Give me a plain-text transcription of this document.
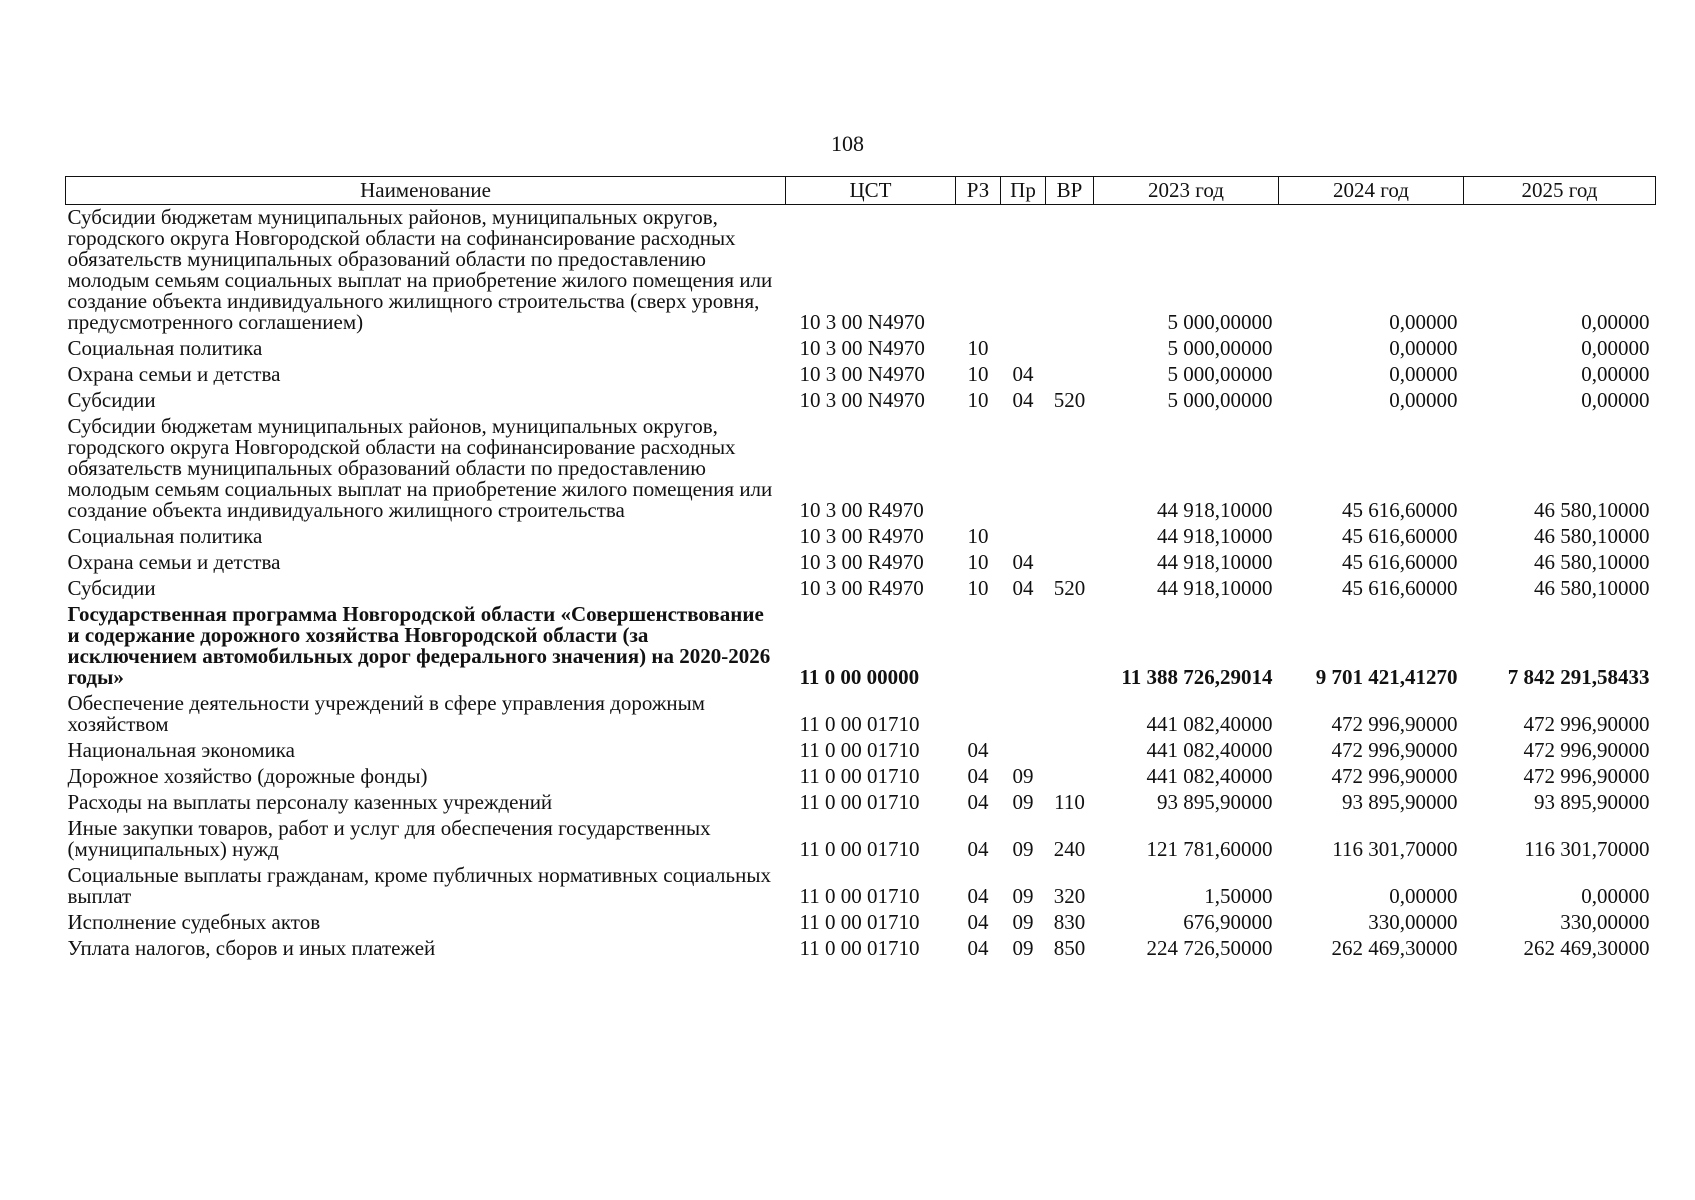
108
Наименование	ЦСТ	РЗ	Пр	ВР	2023 год	2024 год	2025 год
Субсидии бюджетам муниципальных районов, муниципальных округов, городского округа Новгородской области на софинансирование расходных обязательств муниципальных образований области по предоставлению молодым семьям социальных выплат на приобретение жилого помещения или создание объекта индивидуального жилищного строительства (сверх уровня, предусмотренного соглашением)	10 3 00 N4970				5 000,00000	0,00000	0,00000
Социальная политика	10 3 00 N4970	10			5 000,00000	0,00000	0,00000
Охрана семьи и детства	10 3 00 N4970	10	04		5 000,00000	0,00000	0,00000
Субсидии	10 3 00 N4970	10	04	520	5 000,00000	0,00000	0,00000
Субсидии бюджетам муниципальных районов, муниципальных округов, городского округа Новгородской области на софинансирование расходных обязательств муниципальных образований области по предоставлению молодым семьям социальных выплат на приобретение жилого помещения или создание объекта индивидуального жилищного строительства	10 3 00 R4970				44 918,10000	45 616,60000	46 580,10000
Социальная политика	10 3 00 R4970	10			44 918,10000	45 616,60000	46 580,10000
Охрана семьи и детства	10 3 00 R4970	10	04		44 918,10000	45 616,60000	46 580,10000
Субсидии	10 3 00 R4970	10	04	520	44 918,10000	45 616,60000	46 580,10000
Государственная программа Новгородской области «Совершенствование и содержание дорожного хозяйства Новгородской области (за исключением автомобильных дорог федерального значения) на 2020-2026 годы»	11 0 00 00000				11 388 726,29014	9 701 421,41270	7 842 291,58433
Обеспечение деятельности учреждений в сфере управления дорожным хозяйством	11 0 00 01710				441 082,40000	472 996,90000	472 996,90000
Национальная экономика	11 0 00 01710	04			441 082,40000	472 996,90000	472 996,90000
Дорожное хозяйство (дорожные фонды)	11 0 00 01710	04	09		441 082,40000	472 996,90000	472 996,90000
Расходы на выплаты персоналу казенных учреждений	11 0 00 01710	04	09	110	93 895,90000	93 895,90000	93 895,90000
Иные закупки товаров, работ и услуг для обеспечения государственных (муниципальных) нужд	11 0 00 01710	04	09	240	121 781,60000	116 301,70000	116 301,70000
Социальные выплаты гражданам, кроме публичных нормативных социальных выплат	11 0 00 01710	04	09	320	1,50000	0,00000	0,00000
Исполнение судебных актов	11 0 00 01710	04	09	830	676,90000	330,00000	330,00000
Уплата налогов, сборов и иных платежей	11 0 00 01710	04	09	850	224 726,50000	262 469,30000	262 469,30000
